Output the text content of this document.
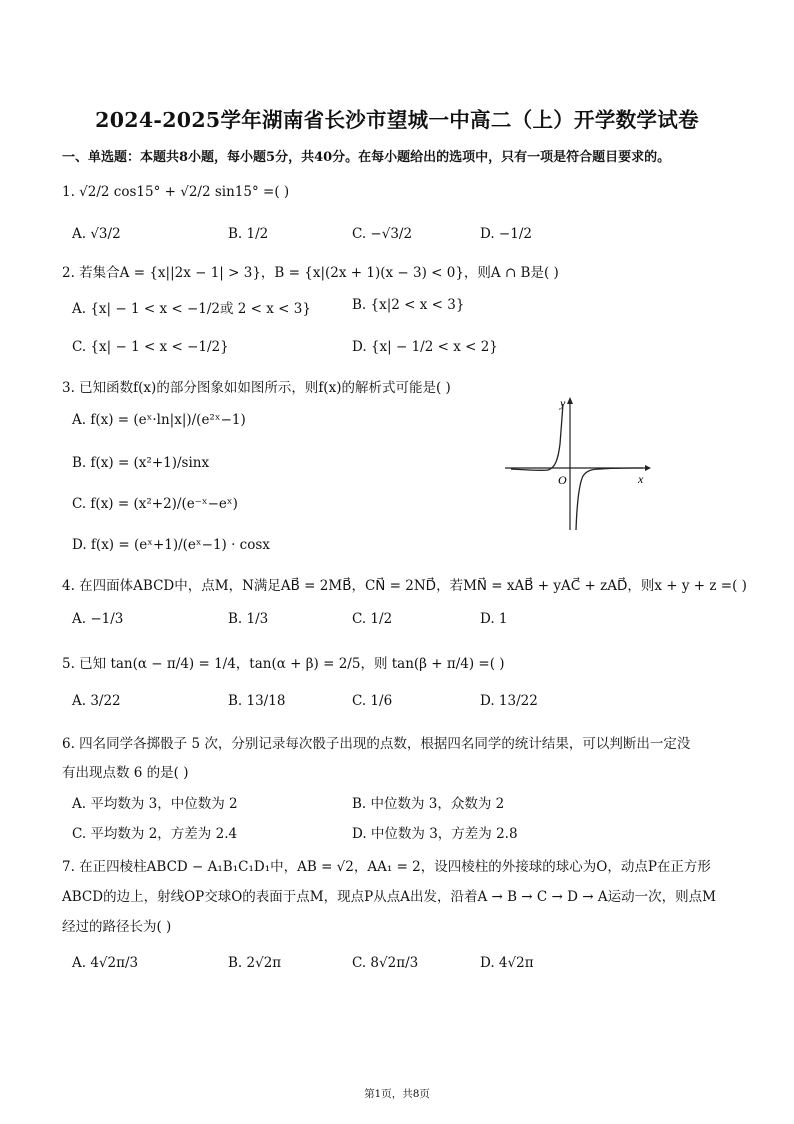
2024-2025学年湖南省长沙市望城一中高二（上）开学数学试卷
一、单选题：本题共8小题，每小题5分，共40分。在每小题给出的选项中，只有一项是符合题目要求的。
1. √2/2 cos15° + √2/2 sin15° =( )
A. √3/2	B. 1/2	C. −√3/2	D. −1/2
2. 若集合A = {x||2x − 1| > 3}，B = {x|(2x + 1)(x − 3) < 0}，则A ∩ B是( )
A. {x| − 1 < x < −1/2或 2 < x < 3}	B. {x|2 < x < 3}
C. {x| − 1 < x < −1/2}	D. {x| − 1/2 < x < 2}
3. 已知函数f(x)的部分图象如如图所示，则f(x)的解析式可能是( )
A. f(x) = (eˣ·ln|x|)/(e²ˣ−1)
B. f(x) = (x²+1)/sinx
C. f(x) = (x²+2)/(e⁻ˣ−eˣ)
D. f(x) = (eˣ+1)/(eˣ−1) · cosx
y
x
O
4. 在四面体ABCD中，点M，N满足AB⃗ = 2MB⃗，CN⃗ = 2ND⃗，若MN⃗ = xAB⃗ + yAC⃗ + zAD⃗，则x + y + z =( )
A. −1/3	B. 1/3	C. 1/2	D. 1
5. 已知 tan(α − π/4) = 1/4，tan(α + β) = 2/5，则 tan(β + π/4) =( )
A. 3/22	B. 13/18	C. 1/6	D. 13/22
6. 四名同学各掷骰子 5 次，分别记录每次骰子出现的点数，根据四名同学的统计结果，可以判断出一定没
有出现点数 6 的是( )
A. 平均数为 3，中位数为 2	B. 中位数为 3，众数为 2
C. 平均数为 2，方差为 2.4	D. 中位数为 3，方差为 2.8
7. 在正四棱柱ABCD − A₁B₁C₁D₁中，AB = √2，AA₁ = 2，设四棱柱的外接球的球心为O，动点P在正方形
ABCD的边上，射线OP交球O的表面于点M，现点P从点A出发，沿着A → B → C → D → A运动一次，则点M
经过的路径长为( )
A. 4√2π/3	B. 2√2π	C. 8√2π/3	D. 4√2π
第1页，共8页
